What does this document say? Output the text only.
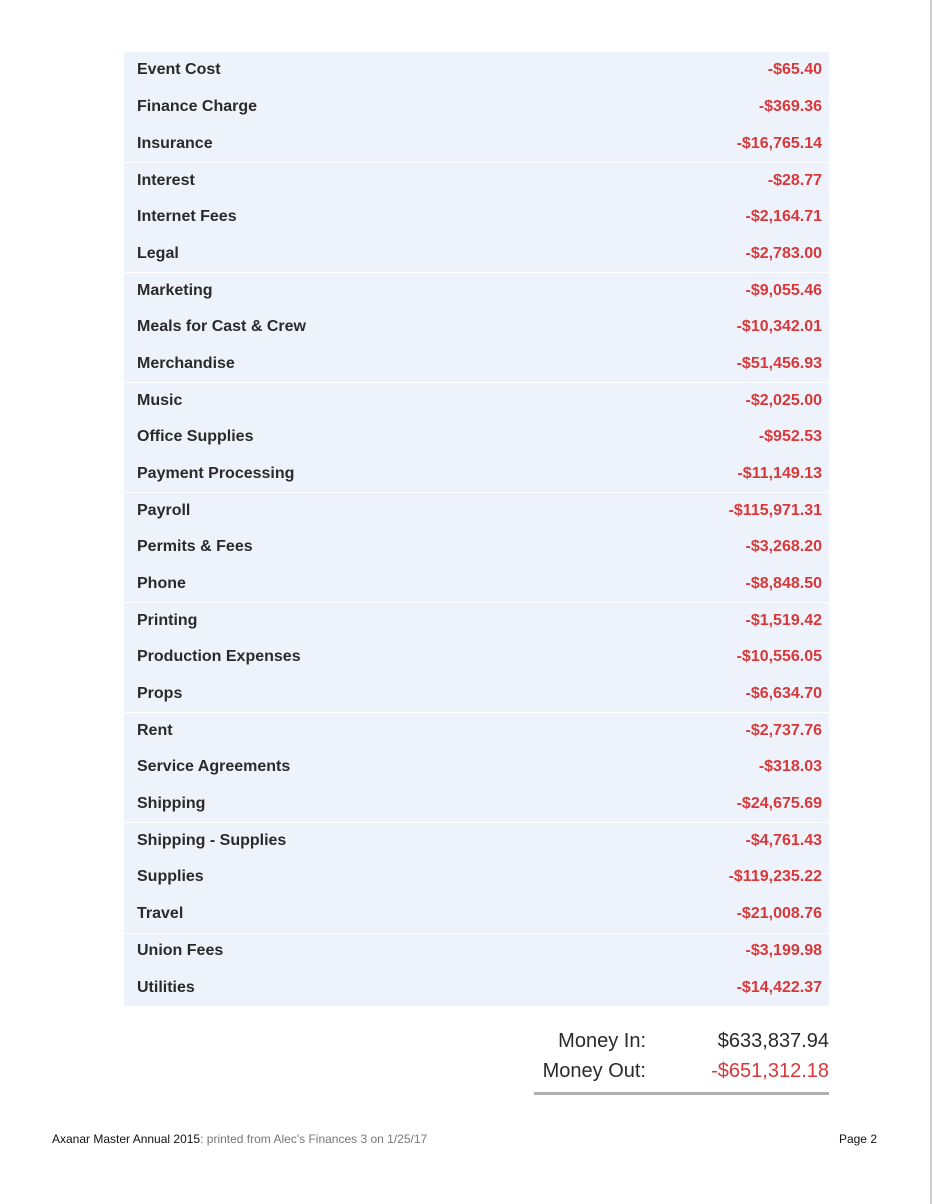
Event Cost	-$65.40
Finance Charge	-$369.36
Insurance	-$16,765.14
Interest	-$28.77
Internet Fees	-$2,164.71
Legal	-$2,783.00
Marketing	-$9,055.46
Meals for Cast & Crew	-$10,342.01
Merchandise	-$51,456.93
Music	-$2,025.00
Office Supplies	-$952.53
Payment Processing	-$11,149.13
Payroll	-$115,971.31
Permits & Fees	-$3,268.20
Phone	-$8,848.50
Printing	-$1,519.42
Production Expenses	-$10,556.05
Props	-$6,634.70
Rent	-$2,737.76
Service Agreements	-$318.03
Shipping	-$24,675.69
Shipping - Supplies	-$4,761.43
Supplies	-$119,235.22
Travel	-$21,008.76
Union Fees	-$3,199.98
Utilities	-$14,422.37
Money In:	$633,837.94
Money Out:	-$651,312.18
Axanar Master Annual 2015: printed from Alec's Finances 3 on 1/25/17	Page 2
